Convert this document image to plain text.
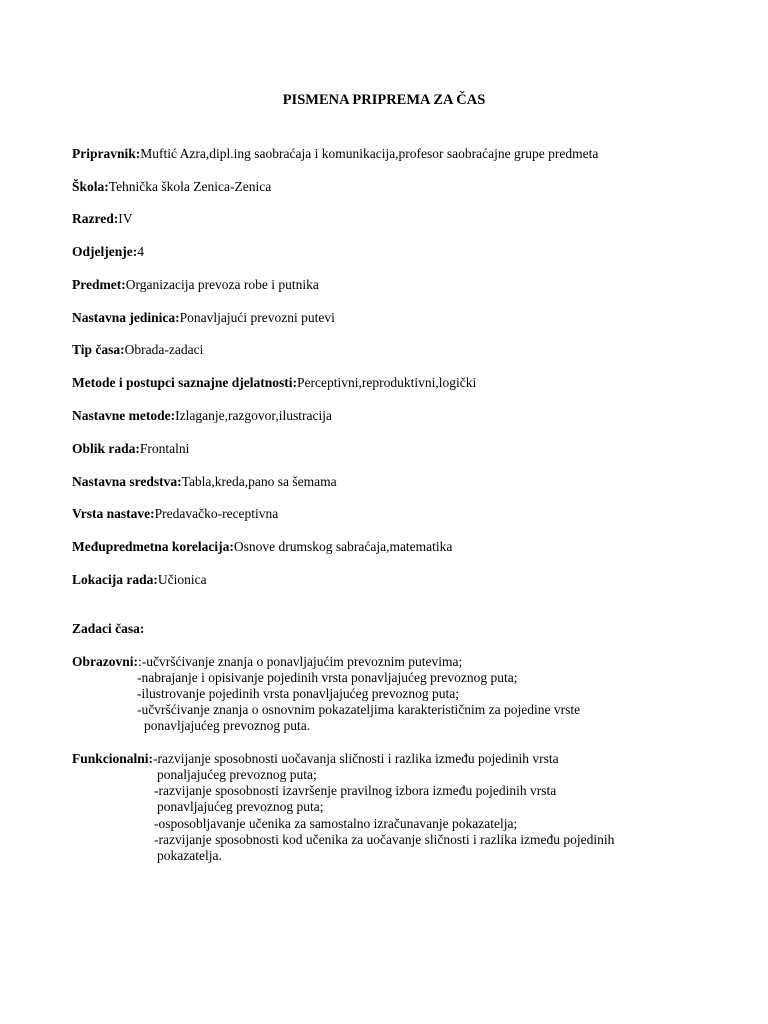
PISMENA PRIPREMA ZA ČAS
Pripravnik:Muftić Azra,dipl.ing saobraćaja i komunikacija,profesor saobraćajne grupe predmeta
Škola:Tehnička škola Zenica-Zenica
Razred:IV
Odjeljenje:4
Predmet:Organizacija prevoza robe i putnika
Nastavna jedinica:Ponavljajući prevozni putevi
Tip časa:Obrada-zadaci
Metode i postupci saznajne djelatnosti:Perceptivni,reproduktivni,logički
Nastavne metode:Izlaganje,razgovor,ilustracija
Oblik rada:Frontalni
Nastavna sredstva:Tabla,kreda,pano sa šemama
Vrsta nastave:Predavačko-receptivna
Međupredmetna korelacija:Osnove drumskog sabraćaja,matematika
Lokacija rada:Učionica
Zadaci časa:
Obrazovni::-učvršćivanje znanja o ponavljajućim prevoznim putevima;
-nabrajanje i opisivanje pojedinih vrsta ponavljajućeg prevoznog puta;
-ilustrovanje pojedinih vrsta ponavljajućeg prevoznog puta;
-učvršćivanje znanja o osnovnim pokazateljima karakterističnim za pojedine vrste
ponavljajućeg prevoznog puta.
Funkcionalni:-razvijanje sposobnosti uočavanja sličnosti i razlika između pojedinih vrsta
ponaljajućeg prevoznog puta;
-razvijanje sposobnosti izavršenje pravilnog izbora između pojedinih vrsta
ponavljajućeg prevoznog puta;
-osposobljavanje učenika za samostalno izračunavanje pokazatelja;
-razvijanje sposobnosti kod učenika za uočavanje sličnosti i razlika između pojedinih
pokazatelja.
